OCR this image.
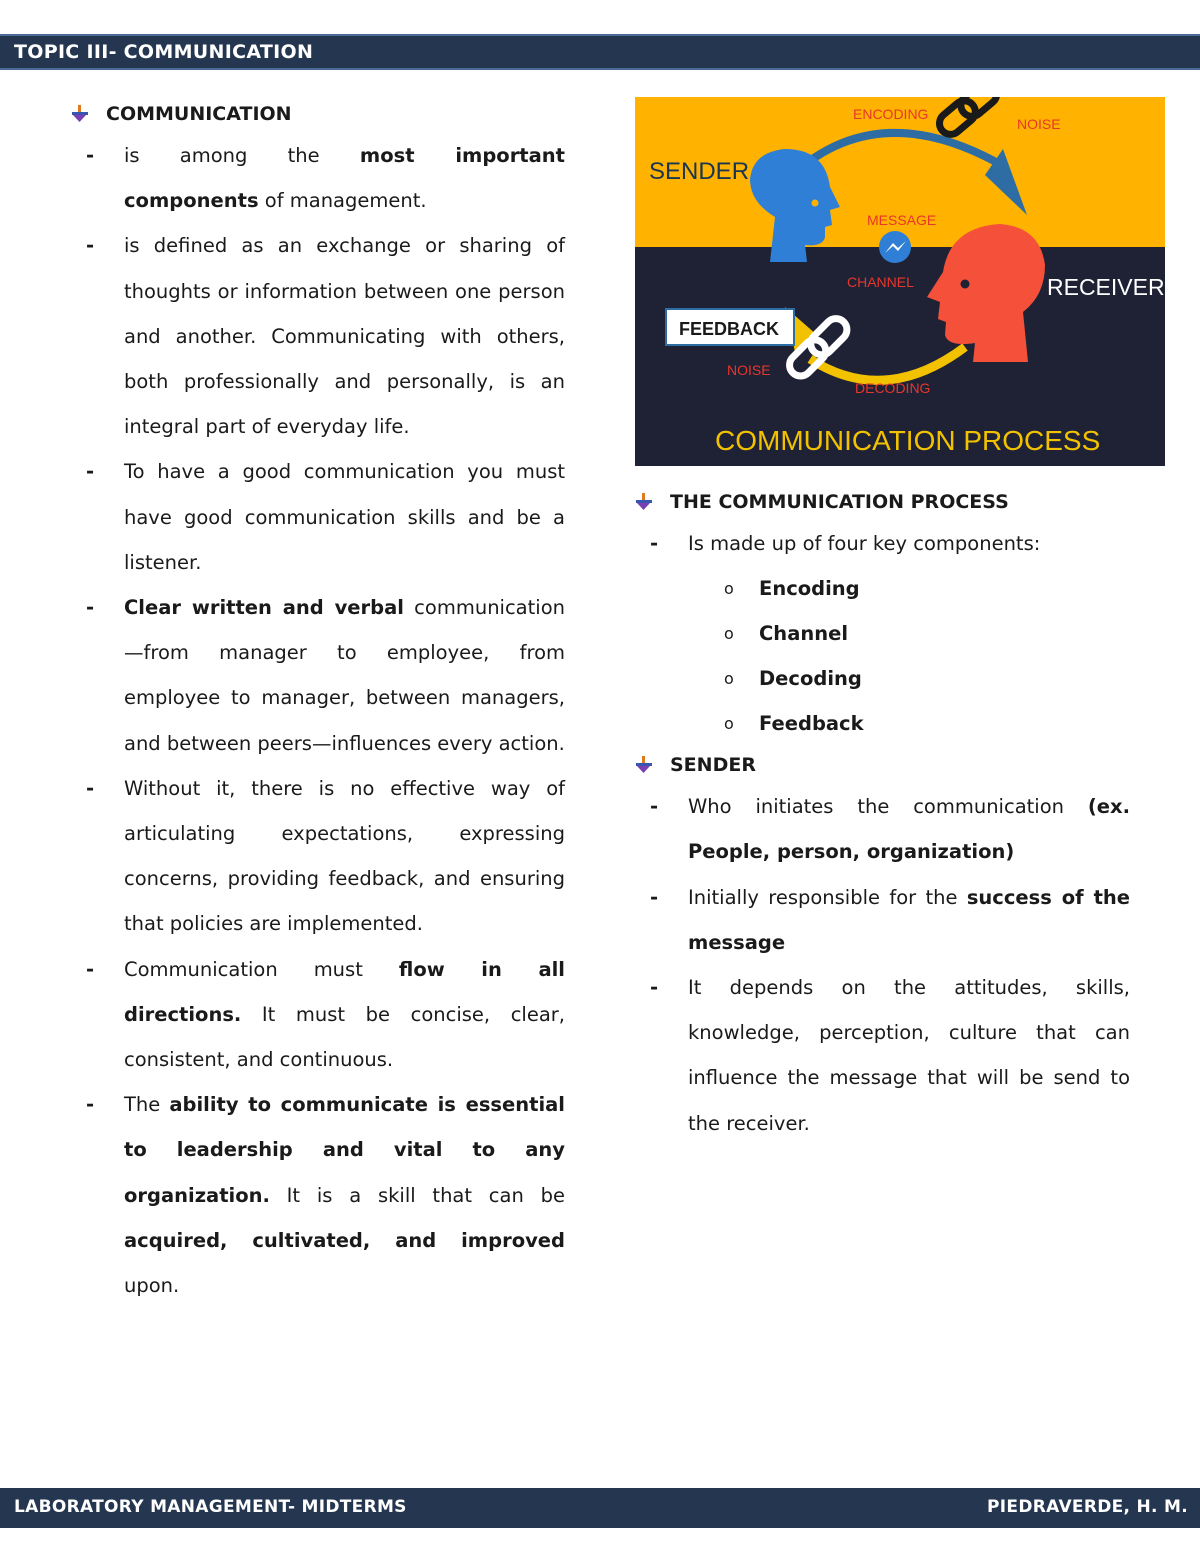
TOPIC III- COMMUNICATION
COMMUNICATION
- is among the most important components of management.
- is defined as an exchange or sharing of thoughts or information between one person and another. Communicating with others, both professionally and personally, is an integral part of everyday life.
- To have a good communication you must have good communication skills and be a listener.
- Clear written and verbal communication—from manager to employee, from employee to manager, between managers, and between peers—influences every action.
- Without it, there is no effective way of articulating expectations, expressing concerns, providing feedback, and ensuring that policies are implemented.
- Communication must flow in all directions. It must be concise, clear, consistent, and continuous.
- The ability to communicate is essential to leadership and vital to any organization. It is a skill that can be acquired, cultivated, and improved upon.
SENDER
RECEIVER
ENCODING
NOISE
MESSAGE
CHANNEL
FEEDBACK
NOISE
DECODING
COMMUNICATION PROCESS
THE COMMUNICATION PROCESS
- Is made up of four key components:
o Encoding
o Channel
o Decoding
o Feedback
SENDER
- Who initiates the communication (ex. People, person, organization)
- Initially responsible for the success of the message
- It depends on the attitudes, skills, knowledge, perception, culture that can influence the message that will be send to the receiver.
LABORATORY MANAGEMENT- MIDTERMS	PIEDRAVERDE, H. M.
